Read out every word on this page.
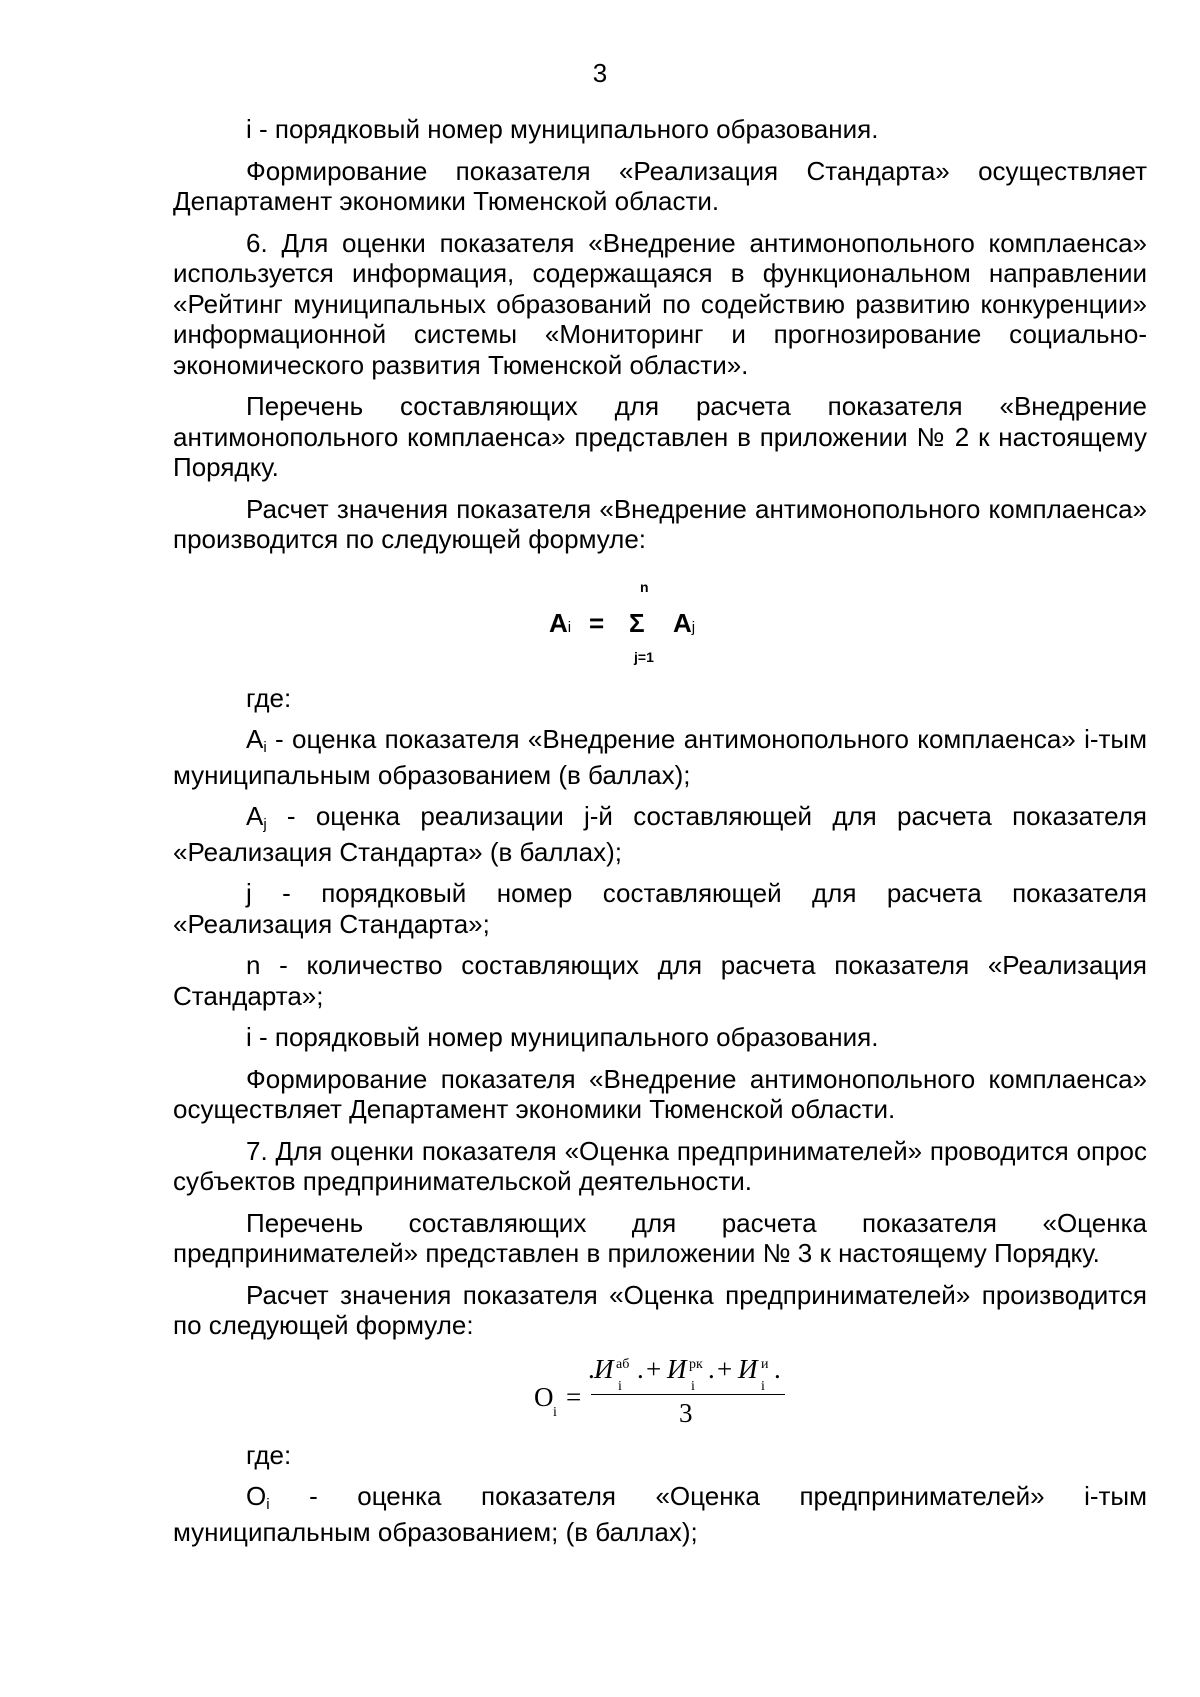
3

i - порядковый номер муниципального образования.

Формирование показателя «Реализация Стандарта» осуществляет Департамент экономики Тюменской области.

6. Для оценки показателя «Внедрение антимонопольного комплаенса» используется информация, содержащаяся в функциональном направлении «Рейтинг муниципальных образований по содействию развитию конкуренции» информационной системы «Мониторинг и прогнозирование социально-экономического развития Тюменской области».

Перечень составляющих для расчета показателя «Внедрение антимонопольного комплаенса» представлен в приложении № 2 к настоящему Порядку.

Расчет значения показателя «Внедрение антимонопольного комплаенса» производится по следующей формуле:

n
Ai = Σ Aj
j=1

где:

Ai - оценка показателя «Внедрение антимонопольного комплаенса» i-тым муниципальным образованием (в баллах);

Aj - оценка реализации j-й составляющей для расчета показателя «Реализация Стандарта» (в баллах);

j - порядковый номер составляющей для расчета показателя «Реализация Стандарта»;

n - количество составляющих для расчета показателя «Реализация Стандарта»;

i - порядковый номер муниципального образования.

Формирование показателя «Внедрение антимонопольного комплаенса» осуществляет Департамент экономики Тюменской области.

7. Для оценки показателя «Оценка предпринимателей» проводится опрос субъектов предпринимательской деятельности.

Перечень составляющих для расчета показателя «Оценка предпринимателей» представлен в приложении № 3 к настоящему Порядку.

Расчет значения показателя «Оценка предпринимателей» производится по следующей формуле:

O
i
=
. И аб
i
. + И рк
i
. + И и
i
.
3

где:

Oi - оценка показателя «Оценка предпринимателей» i-тым муниципальным образованием; (в баллах);
